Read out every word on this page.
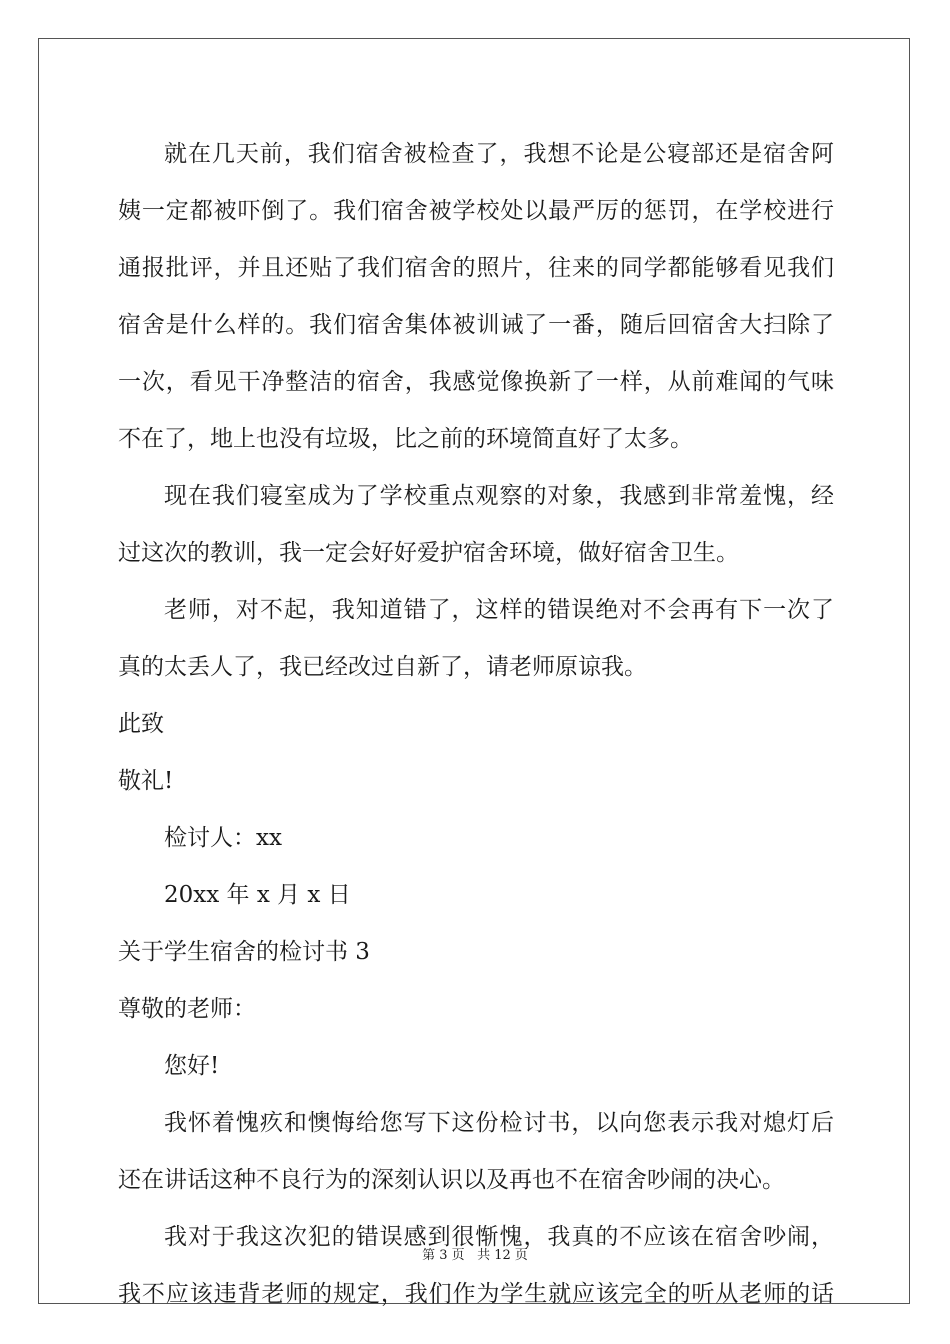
就在几天前，我们宿舍被检查了，我想不论是公寝部还是宿舍阿
姨一定都被吓倒了。我们宿舍被学校处以最严厉的惩罚，在学校进行
通报批评，并且还贴了我们宿舍的照片，往来的同学都能够看见我们
宿舍是什么样的。我们宿舍集体被训诫了一番，随后回宿舍大扫除了
一次，看见干净整洁的宿舍，我感觉像换新了一样，从前难闻的气味
不在了，地上也没有垃圾，比之前的环境简直好了太多。
现在我们寝室成为了学校重点观察的对象，我感到非常羞愧，经
过这次的教训，我一定会好好爱护宿舍环境，做好宿舍卫生。
老师，对不起，我知道错了，这样的错误绝对不会再有下一次了
真的太丢人了，我已经改过自新了，请老师原谅我。
此致
敬礼!
检讨人：xx
20xx 年 x 月 x 日
关于学生宿舍的检讨书 3
尊敬的老师：
您好!
我怀着愧疚和懊悔给您写下这份检讨书，以向您表示我对熄灯后
还在讲话这种不良行为的深刻认识以及再也不在宿舍吵闹的决心。
我对于我这次犯的错误感到很惭愧，我真的不应该在宿舍吵闹，
我不应该违背老师的规定，我们作为学生就应该完全的听从老师的话
第 3 页 共 12 页
